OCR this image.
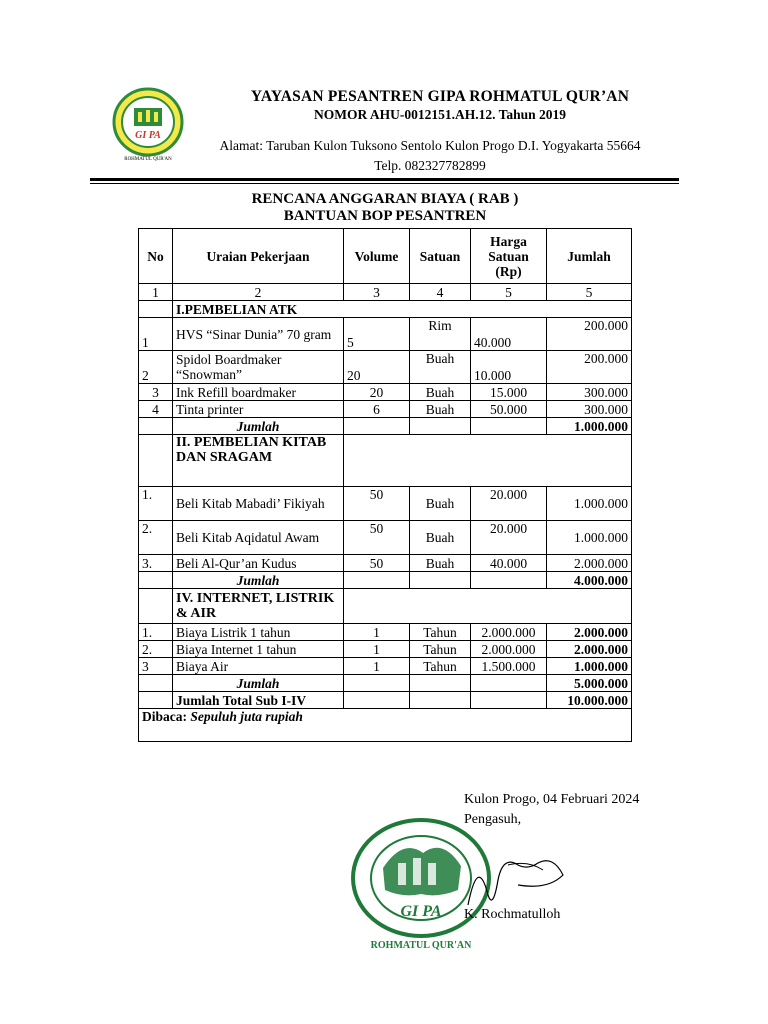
GI PA
ROHMATUL QUR'AN
YAYASAN PESANTREN GIPA ROHMATUL QUR’AN
NOMOR AHU-0012151.AH.12. Tahun 2019
Alamat: Taruban Kulon Tuksono Sentolo Kulon Progo D.I. Yogyakarta 55664
Telp. 082327782899
RENCANA ANGGARAN BIAYA ( RAB )
BANTUAN BOP PESANTREN
No	Uraian Pekerjaan	Volume	Satuan	Harga Satuan (Rp)	Jumlah
1	2	3	4	5	5
	I.PEMBELIAN ATK				
1	HVS “Sinar Dunia” 70 gram	5	Rim	40.000	200.000
2	Spidol Boardmaker “Snowman”	20	Buah	10.000	200.000
3	Ink Refill boardmaker	20	Buah	15.000	300.000
4	Tinta printer	6	Buah	50.000	300.000
	Jumlah				1.000.000
	II. PEMBELIAN KITAB DAN SRAGAM				
1.	Beli Kitab Mabadi’ Fikiyah	50	Buah	20.000	1.000.000
2.	Beli Kitab Aqidatul Awam	50	Buah	20.000	1.000.000
3.	Beli Al-Qur’an Kudus	50	Buah	40.000	2.000.000
	Jumlah				4.000.000
	IV. INTERNET, LISTRIK & AIR				
1.	Biaya Listrik 1 tahun	1	Tahun	2.000.000	2.000.000
2.	Biaya Internet 1 tahun	1	Tahun	2.000.000	2.000.000
3	Biaya Air	1	Tahun	1.500.000	1.000.000
	Jumlah				5.000.000
	Jumlah Total Sub I-IV				10.000.000
Dibaca: Sepuluh juta rupiah					
Kulon Progo, 04 Februari 2024
Pengasuh,
GI PA
ROHMATUL QUR'AN
K. Rochmatulloh
